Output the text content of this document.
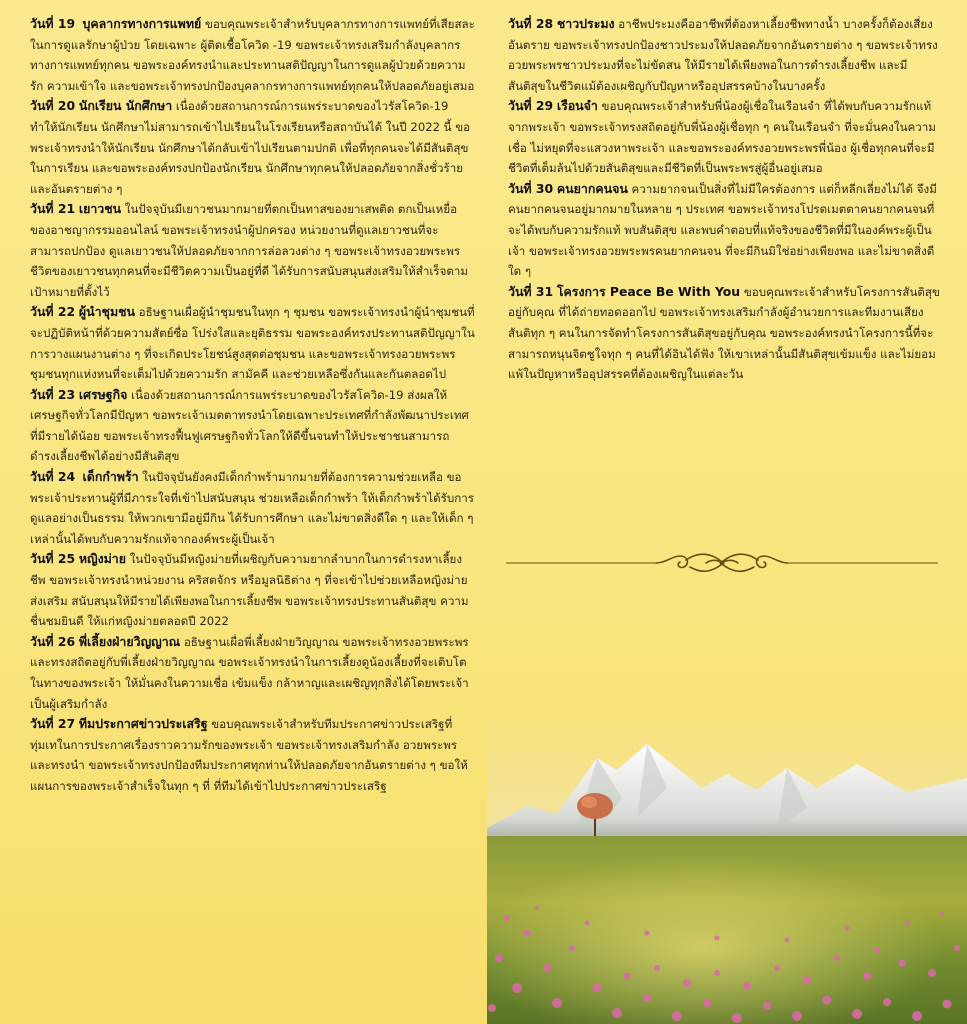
วันที่ 19 บุคลากรทางการแพทย์ ขอบคุณพระเจ้าสำหรับบุคลากรทางการแพทย์ที่เสียสละในการดูแลรักษาผู้ป่วย โดยเฉพาะ ผู้ติดเชื้อโควิด -19 ขอพระเจ้าทรงเสริมกำลังบุคลากรทางการแพทย์ทุกคน ขอพระองค์ทรงนำและประทานสติปัญญาในการดูแลผู้ป่วยด้วยความรัก ความเข้าใจ และขอพระเจ้าทรงปกป้องบุคลากรทางการแพทย์ทุกคนให้ปลอดภัยอยู่เสมอ
วันที่ 20 นักเรียน นักศึกษา เนื่องด้วยสถานการณ์การแพร่ระบาดของไวรัสโควิด-19 ทำให้นักเรียน นักศึกษาไม่สามารถเข้าไปเรียนในโรงเรียนหรือสถาบันได้ ในปี 2022 นี้ ขอพระเจ้าทรงนำให้นักเรียน นักศึกษาได้กลับเข้าไปเรียนตามปกติ เพื่อที่ทุกคนจะได้มีสันติสุขในการเรียน และขอพระองค์ทรงปกป้องนักเรียน นักศึกษาทุกคนให้ปลอดภัยจากสิ่งชั่วร้ายและอันตรายต่าง ๆ
วันที่ 21 เยาวชน ในปัจจุบันมีเยาวชนมากมายที่ตกเป็นทาสของยาเสพติด ตกเป็นเหยื่อของอาชญากรรมออนไลน์ ขอพระเจ้าทรงนำผู้ปกครอง หน่วยงานที่ดูแลเยาวชนที่จะสามารถปกป้อง ดูแลเยาวชนให้ปลอดภัยจากการล่อลวงต่าง ๆ ขอพระเจ้าทรงอวยพระพรชีวิตของเยาวชนทุกคนที่จะมีชีวิตความเป็นอยู่ที่ดี ได้รับการสนับสนุนส่งเสริมให้สำเร็จตามเป้าหมายที่ตั้งไว้
วันที่ 22 ผู้นำชุมชน อธิษฐานเผื่อผู้นำชุมชนในทุก ๆ ชุมชน ขอพระเจ้าทรงนำผู้นำชุมชนที่จะปฏิบัติหน้าที่ด้วยความสัตย์ซื่อ โปร่งใสและยุติธรรม ขอพระองค์ทรงประทานสติปัญญาในการวางแผนงานต่าง ๆ ที่จะเกิดประโยชน์สูงสุดต่อชุมชน และขอพระเจ้าทรงอวยพระพรชุมชนทุกแห่งหนที่จะเต็มไปด้วยความรัก สามัคคี และช่วยเหลือซึ่งกันและกันตลอดไป
วันที่ 23 เศรษฐกิจ เนื่องด้วยสถานการณ์การแพร่ระบาดของไวรัสโควิด-19 ส่งผลให้เศรษฐกิจทั่วโลกมีปัญหา ขอพระเจ้าเมตตาทรงนำโดยเฉพาะประเทศที่กำลังพัฒนาประเทศที่มีรายได้น้อย ขอพระเจ้าทรงฟื้นฟูเศรษฐกิจทั่วโลกให้ดีขึ้นจนทำให้ประชาชนสามารถดำรงเลี้ยงชีพได้อย่างมีสันติสุข
วันที่ 24 เด็กกำพร้า ในปัจจุบันยังคงมีเด็กกำพร้ามากมายที่ต้องการความช่วยเหลือ ขอพระเจ้าประทานผู้ที่มีภาระใจที่เข้าไปสนับสนุน ช่วยเหลือเด็กกำพร้า ให้เด็กกำพร้าได้รับการดูแลอย่างเป็นธรรม ให้พวกเขามีอยู่มีกิน ได้รับการศึกษา และไม่ขาดสิ่งดีใด ๆ และให้เด็ก ๆ เหล่านั้นได้พบกับความรักแท้จากองค์พระผู้เป็นเจ้า
วันที่ 25 หญิงม่าย ในปัจจุบันมีหญิงม่ายที่เผชิญกับความยากลำบากในการดำรงหาเลี้ยงชีพ ขอพระเจ้าทรงนำหน่วยงาน คริสตจักร หรือมูลนิธิต่าง ๆ ที่จะเข้าไปช่วยเหลือหญิงม่าย ส่งเสริม สนับสนุนให้มีรายได้เพียงพอในการเลี้ยงชีพ ขอพระเจ้าทรงประทานสันติสุข ความชื่นชมยินดี ให้แก่หญิงม่ายตลอดปี 2022
วันที่ 26 พี่เลี้ยงฝ่ายวิญญาณ อธิษฐานเผื่อพี่เลี้ยงฝ่ายวิญญาณ ขอพระเจ้าทรงอวยพระพรและทรงสถิตอยู่กับพี่เลี้ยงฝ่ายวิญญาณ ขอพระเจ้าทรงนำในการเลี้ยงดูน้องเลี้ยงที่จะเติบโตในทางของพระเจ้า ให้มั่นคงในความเชื่อ เข้มแข็ง กล้าหาญและเผชิญทุกสิ่งได้โดยพระเจ้าเป็นผู้เสริมกำลัง
วันที่ 27 ทีมประกาศข่าวประเสริฐ ขอบคุณพระเจ้าสำหรับทีมประกาศข่าวประเสริฐที่ทุ่มเทในการประกาศเรื่องราวความรักของพระเจ้า ขอพระเจ้าทรงเสริมกำลัง อวยพระพรและทรงนำ ขอพระเจ้าทรงปกป้องทีมประกาศทุกท่านให้ปลอดภัยจากอันตรายต่าง ๆ ขอให้แผนการของพระเจ้าสำเร็จในทุก ๆ ที่ ที่ทีมได้เข้าไปประกาศข่าวประเสริฐ
วันที่ 28 ชาวประมง อาชีพประมงคืออาชีพที่ต้องหาเลี้ยงชีพทางน้ำ บางครั้งก็ต้องเสี่ยงอันตราย ขอพระเจ้าทรงปกป้องชาวประมงให้ปลอดภัยจากอันตรายต่าง ๆ ขอพระเจ้าทรงอวยพระพรชาวประมงที่จะไม่ขัดสน ให้มีรายได้เพียงพอในการดำรงเลี้ยงชีพ และมีสันติสุขในชีวิตแม้ต้องเผชิญกับปัญหาหรืออุปสรรคบ้างในบางครั้ง
วันที่ 29 เรือนจำ ขอบคุณพระเจ้าสำหรับพี่น้องผู้เชื่อในเรือนจำ ที่ได้พบกับความรักแท้จากพระเจ้า ขอพระเจ้าทรงสถิตอยู่กับพี่น้องผู้เชื่อทุก ๆ คนในเรือนจำ ที่จะมั่นคงในความเชื่อ ไม่หยุดที่จะแสวงหาพระเจ้า และขอพระองค์ทรงอวยพระพรพี่น้อง ผู้เชื่อทุกคนที่จะมีชีวิตที่เต็มล้นไปด้วยสันติสุขและมีชีวิตที่เป็นพระพรสู่ผู้อื่นอยู่เสมอ
วันที่ 30 คนยากคนจน ความยากจนเป็นสิ่งที่ไม่มีใครต้องการ แต่ก็หลีกเลี่ยงไม่ได้ จึงมีคนยากคนจนอยู่มากมายในหลาย ๆ ประเทศ ขอพระเจ้าทรงโปรดเมตตาคนยากคนจนที่จะได้พบกับความรักแท้ พบสันติสุข และพบคำตอบที่แท้จริงของชีวิตที่มีในองค์พระผู้เป็นเจ้า ขอพระเจ้าทรงอวยพระพรคนยากคนจน ที่จะมีกินมิใช่อย่างเพียงพอ และไม่ขาดสิ่งดีใด ๆ
วันที่ 31 โครงการ Peace Be With You ขอบคุณพระเจ้าสำหรับโครงการสันติสุขอยู่กับคุณ ที่ได้ถ่ายทอดออกไป ขอพระเจ้าทรงเสริมกำลังผู้อำนวยการและทีมงานเสียงสันติทุก ๆ คนในการจัดทำโครงการสันติสุขอยู่กับคุณ ขอพระองค์ทรงนำโครงการนี้ที่จะสามารถหนุนจิตชูใจทุก ๆ คนที่ได้อินได้ฟัง ให้เขาเหล่านั้นมีสันติสุขเข้มแข็ง และไม่ยอมแพ้ในปัญหาหรืออุปสรรคที่ต้องเผชิญในแต่ละวัน
